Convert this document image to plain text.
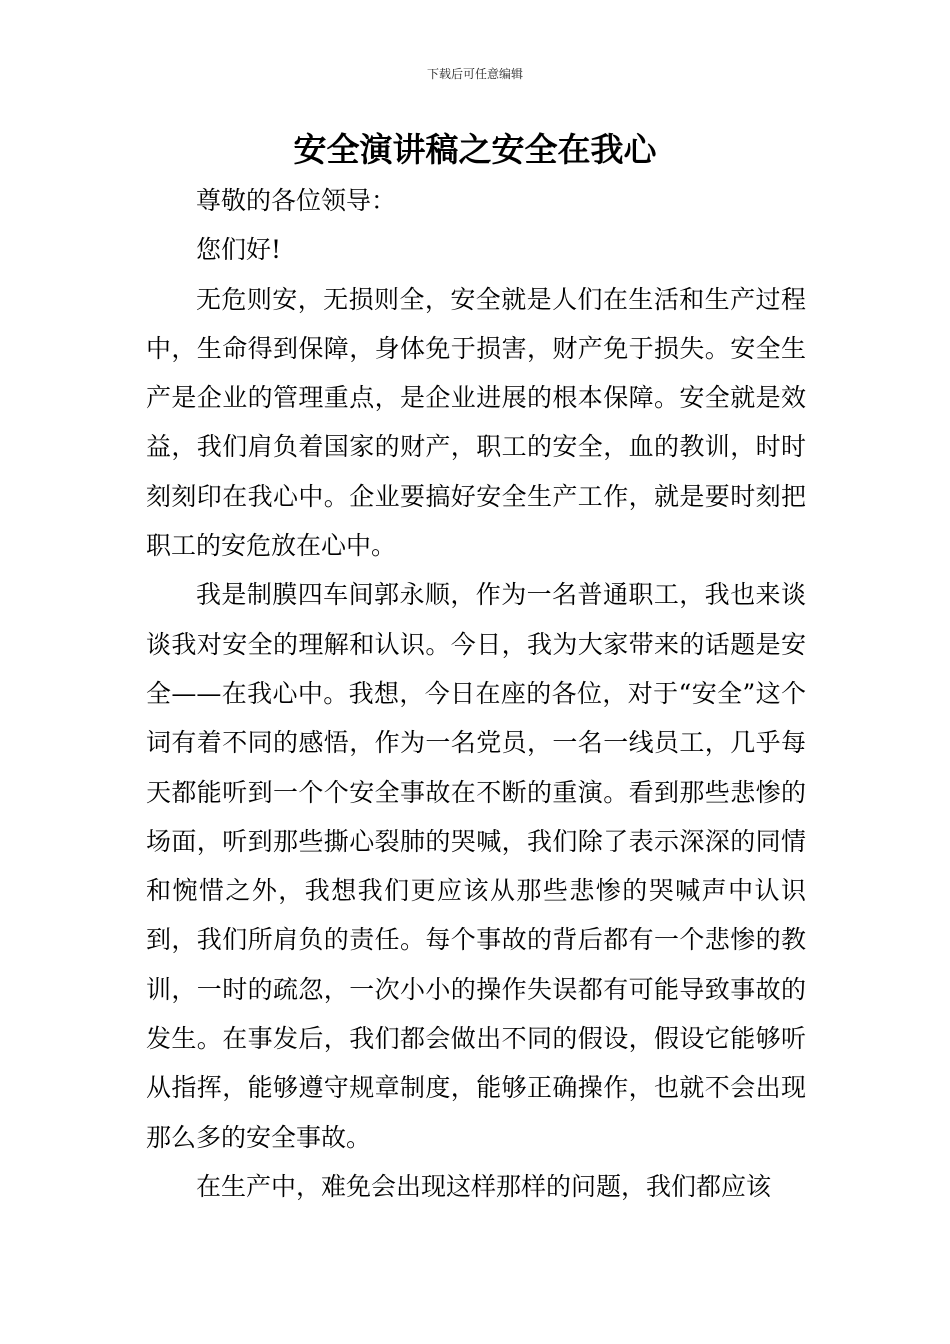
下载后可任意编辑
安全演讲稿之安全在我心

尊敬的各位领导：

您们好!

无危则安，无损则全，安全就是人们在生活和生产过程中，生命得到保障，身体免于损害，财产免于损失。安全生产是企业的管理重点，是企业进展的根本保障。安全就是效益，我们肩负着国家的财产，职工的安全，血的教训，时时刻刻印在我心中。企业要搞好安全生产工作，就是要时刻把职工的安危放在心中。

我是制膜四车间郭永顺，作为一名普通职工，我也来谈谈我对安全的理解和认识。今日，我为大家带来的话题是安全——在我心中。我想，今日在座的各位，对于“安全”这个词有着不同的感悟，作为一名党员，一名一线员工，几乎每天都能听到一个个安全事故在不断的重演。看到那些悲惨的场面，听到那些撕心裂肺的哭喊，我们除了表示深深的同情和惋惜之外，我想我们更应该从那些悲惨的哭喊声中认识到，我们所肩负的责任。每个事故的背后都有一个悲惨的教训，一时的疏忽，一次小小的操作失误都有可能导致事故的发生。在事发后，我们都会做出不同的假设，假设它能够听从指挥，能够遵守规章制度，能够正确操作，也就不会出现那么多的安全事故。

在生产中，难免会出现这样那样的问题，我们都应该
